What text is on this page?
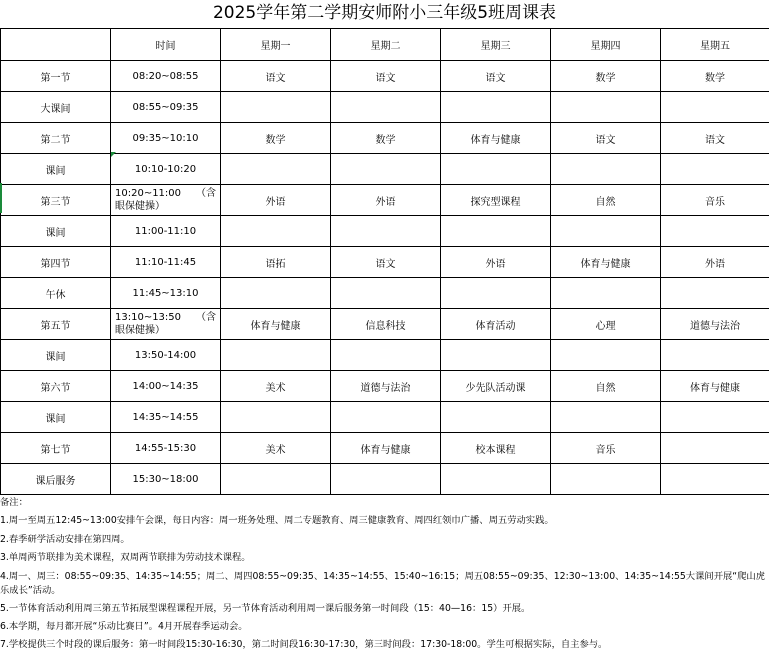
2025学年第二学期安师附小三年级5班周课表
	时间	星期一	星期二	星期三	星期四	星期五
第一节	08:20~08:55	语文	语文	语文	数学	数学
大课间	08:55~09:35					
第二节	09:35~10:10	数学	数学	体育与健康	语文	语文
课间	10:10-10:20					
第三节	10:20~11:00　　（含眼保健操）	外语	外语	探究型课程	自然	音乐
课间	11:00-11:10					
第四节	11:10-11:45	语拓	语文	外语	体育与健康	外语
午休	11:45~13:10					
第五节	13:10~13:50　　（含眼保健操）	体育与健康	信息科技	体育活动	心理	道德与法治
课间	13:50-14:00					
第六节	14:00~14:35	美术	道德与法治	少先队活动课	自然	体育与健康
课间	14:35~14:55					
第七节	14:55-15:30	美术	体育与健康	校本课程	音乐	
课后服务	15:30~18:00					
备注：
1.周一至周五12:45~13:00安排午会课，每日内容：周一班务处理、周二专题教育、周三健康教育、周四红领巾广播、周五劳动实践。
2.春季研学活动安排在第四周。
3.单周两节联排为美术课程，双周两节联排为劳动技术课程。
4.周一、周三：08:55~09:35、14:35~14:55；周二、周四08:55~09:35、14:35~14:55、15:40~16:15；周五08:55~09:35、12:30~13:00、14:35~14:55大课间开展“爬山虎乐成长”活动。
5.一节体育活动利用周三第五节拓展型课程课程开展，另一节体育活动利用周一课后服务第一时间段（15：40—16：15）开展。
6.本学期，每月都开展“乐动比赛日”。4月开展春季运动会。
7.学校提供三个时段的课后服务：第一时间段15:30-16:30，第二时间段16:30-17:30，第三时间段：17:30-18:00。学生可根据实际，自主参与。
